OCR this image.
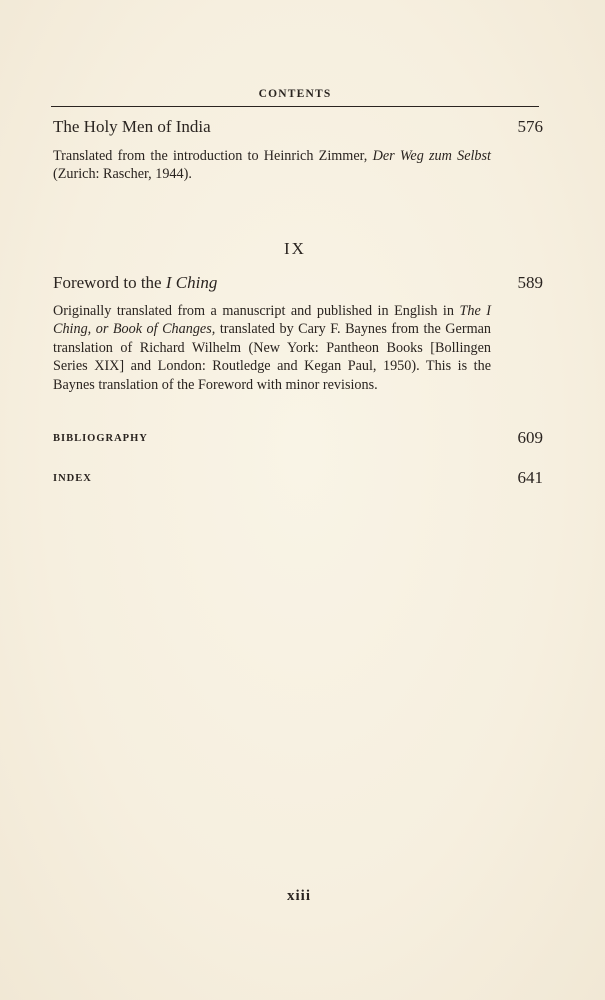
CONTENTS
The Holy Men of India	576
Translated from the introduction to Heinrich Zimmer, Der Weg zum Selbst (Zurich: Rascher, 1944).
IX
Foreword to the I Ching	589
Originally translated from a manuscript and published in English in The I Ching, or Book of Changes, translated by Cary F. Baynes from the German translation of Richard Wilhelm (New York: Pantheon Books [Bollingen Series XIX] and London: Routledge and Kegan Paul, 1950). This is the Baynes translation of the Foreword with minor revisions.
BIBLIOGRAPHY	609
INDEX	641
xiii
